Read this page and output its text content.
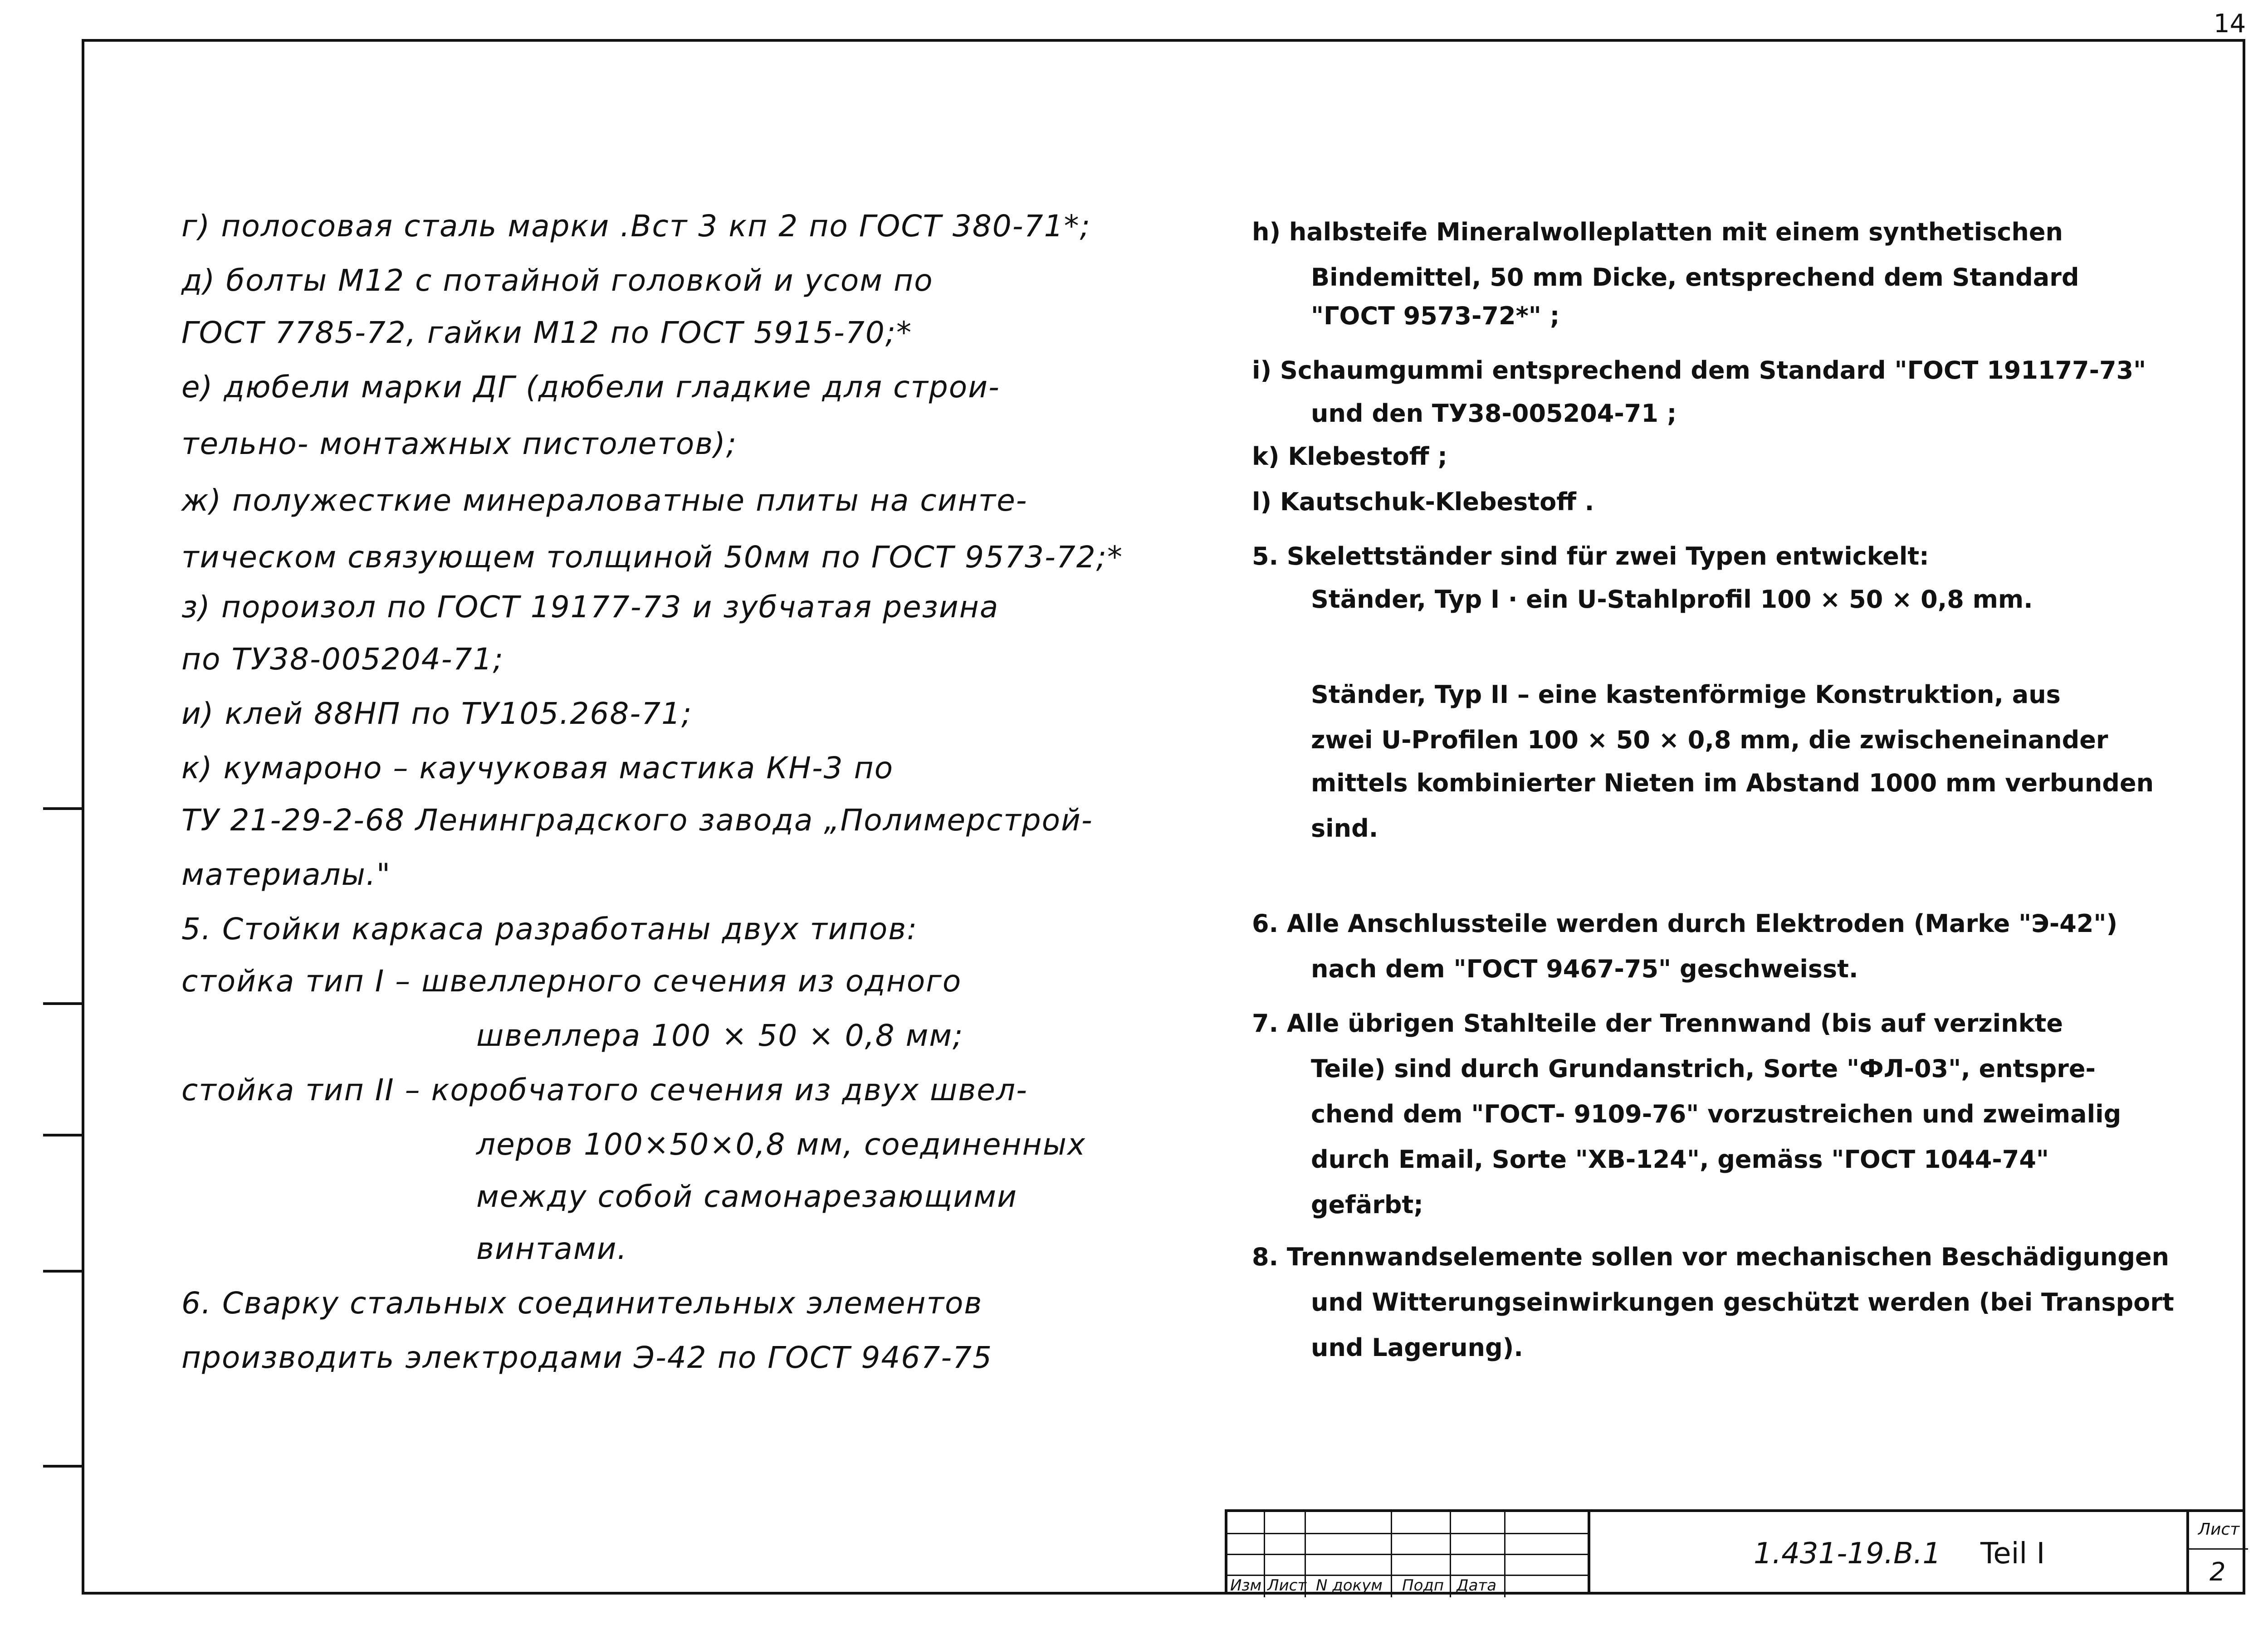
14
г) полосовая сталь марки .Вст 3 кп 2 по ГОСТ 380-71*;
д) болты М12 с потайной головкой и усом по
ГОСТ 7785-72, гайки М12 по ГОСТ 5915-70;*
е) дюбели марки ДГ (дюбели гладкие для строи-
тельно- монтажных пистолетов);
ж) полужесткие минераловатные плиты на синте-
тическом связующем толщиной 50мм по ГОСТ 9573-72;*
з) пороизол по ГОСТ 19177-73 и зубчатая резина
по ТУ38-005204-71;
и) клей 88НП по ТУ105.268-71;
к) кумароно – каучуковая мастика КН-3 по
ТУ 21-29-2-68 Ленинградского завода „Полимерстрой-
материалы."
5. Стойки каркаса разработаны двух типов:
стойка тип I – швеллерного сечения из одного
швеллера 100 × 50 × 0,8 мм;
стойка тип II – коробчатого сечения из двух швел-
леров 100×50×0,8 мм, соединенных
между собой самонарезающими
винтами.
6. Сварку стальных соединительных элементов
производить электродами Э-42 по ГОСТ 9467-75
h) halbsteife Mineralwolleplatten mit einem synthetischen
Bindemittel, 50 mm Dicke, entsprechend dem Standard
"ГОСТ 9573-72*" ;
i) Schaumgummi entsprechend dem Standard "ГОСТ 191177-73"
und den ТУ38-005204-71 ;
k) Klebestoff ;
l) Kautschuk-Klebestoff .
5. Skelettständer sind für zwei Typen entwickelt:
Ständer, Typ I · ein U-Stahlprofil 100 × 50 × 0,8 mm.
Ständer, Typ II – eine kastenförmige Konstruktion, aus
zwei U-Profilen 100 × 50 × 0,8 mm, die zwischeneinander
mittels kombinierter Nieten im Abstand 1000 mm verbunden
sind.
6. Alle Anschlussteile werden durch Elektroden (Marke "Э-42")
nach dem "ГОСТ 9467-75" geschweisst.
7. Alle übrigen Stahlteile der Trennwand (bis auf verzinkte
Teile) sind durch Grundanstrich, Sorte "ФЛ-03", entspre-
chend dem "ГОСТ- 9109-76" vorzustreichen und zweimalig
durch Email, Sorte "ХВ-124", gemäss "ГОСТ 1044-74"
gefärbt;
8. Trennwandselemente sollen vor mechanischen Beschädigungen
und Witterungseinwirkungen geschützt werden (bei Transport
und Lagerung).
Изм Лист N докум Подп Дата
1.431-19.В.1 Teil I
Лист
2
